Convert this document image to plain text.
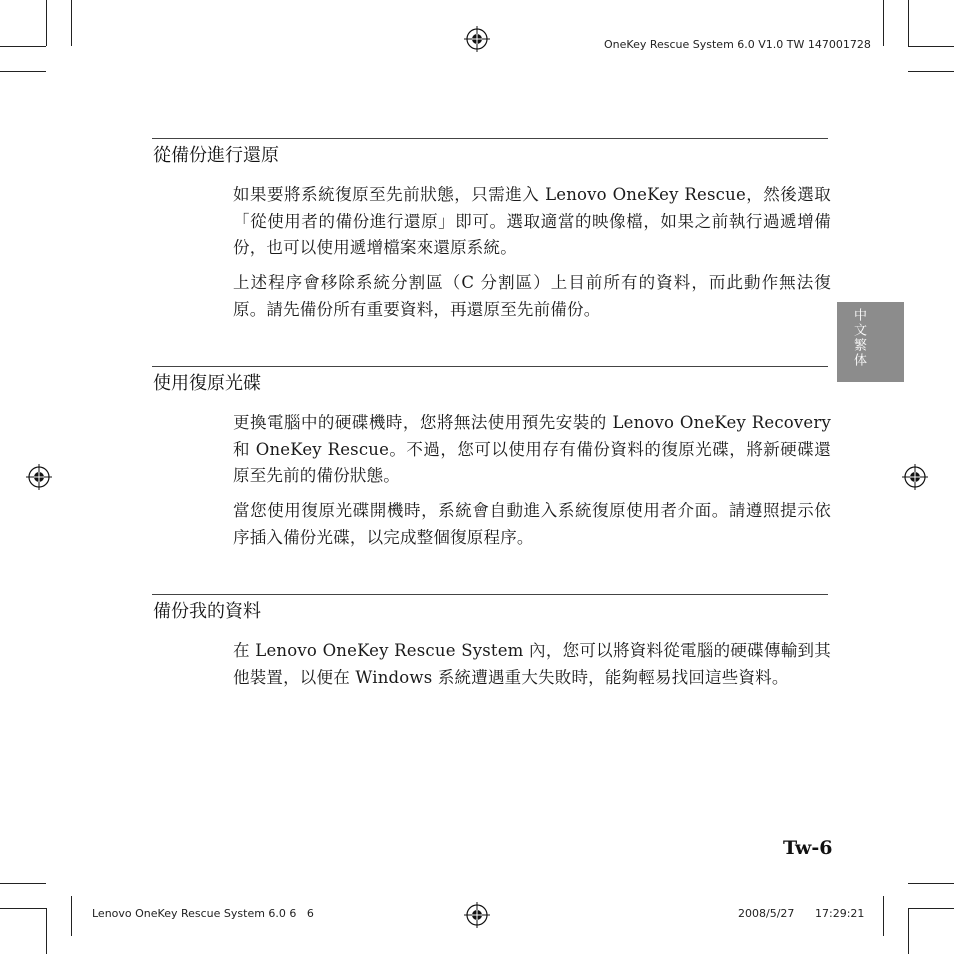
OneKey Rescue System 6.0 V1.0 TW 147001728
中文繁体
從備份進行還原

如果要將系統復原至先前狀態，只需進入 Lenovo OneKey Rescue，然後選取「從使用者的備份進行還原」即可。選取適當的映像檔，如果之前執行過遞增備份，也可以使用遞增檔案來還原系統。

上述程序會移除系統分割區（C 分割區）上目前所有的資料，而此動作無法復原。請先備份所有重要資料，再還原至先前備份。

使用復原光碟

更換電腦中的硬碟機時，您將無法使用預先安裝的 Lenovo OneKey Recovery 和 OneKey Rescue。不過，您可以使用存有備份資料的復原光碟，將新硬碟還原至先前的備份狀態。

當您使用復原光碟開機時，系統會自動進入系統復原使用者介面。請遵照提示依序插入備份光碟，以完成整個復原程序。

備份我的資料

在 Lenovo OneKey Rescue System 內，您可以將資料從電腦的硬碟傳輸到其他裝置，以便在 Windows 系統遭遇重大失敗時，能夠輕易找回這些資料。

Tw-6
Lenovo OneKey Rescue System 6.0 6   6	2008/5/27 17:29:21
